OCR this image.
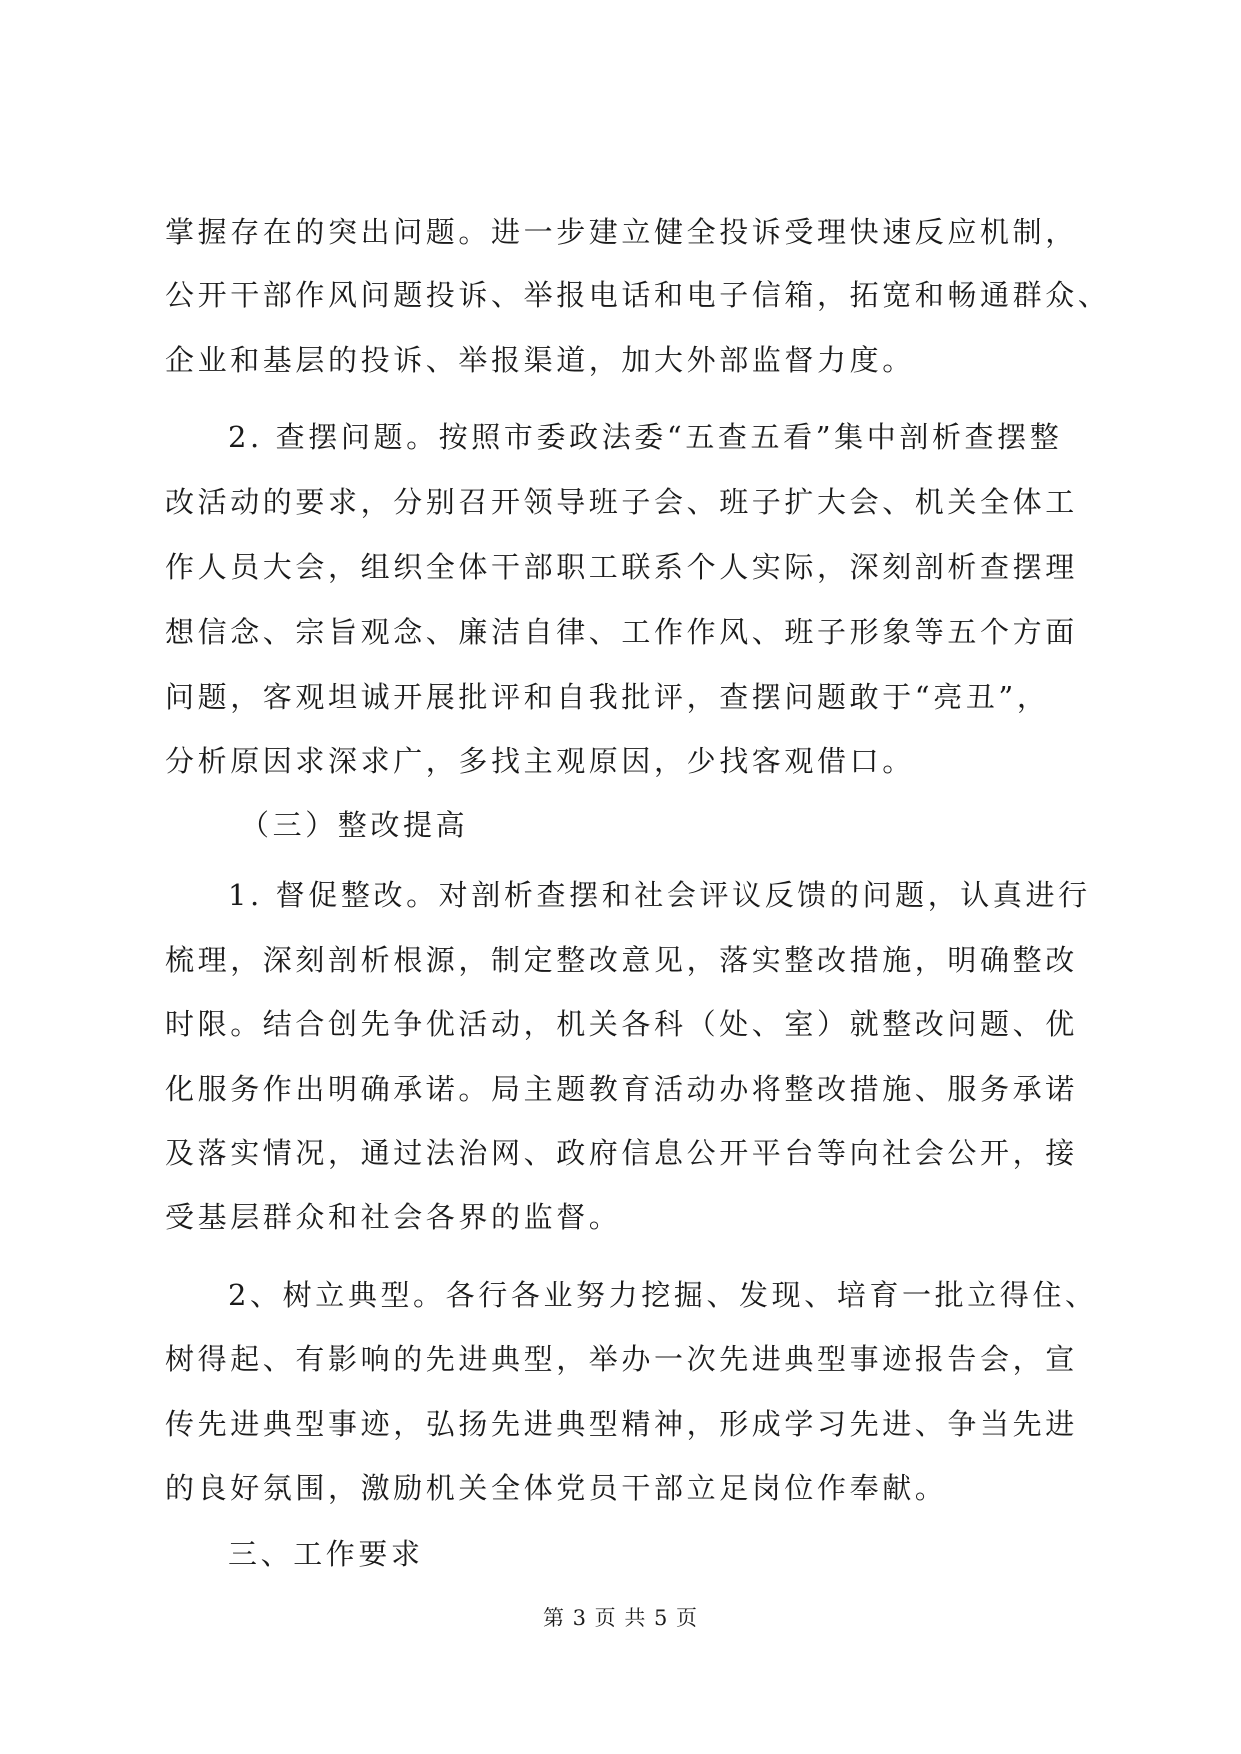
掌握存在的突出问题。进一步建立健全投诉受理快速反应机制，
公开干部作风问题投诉、举报电话和电子信箱，拓宽和畅通群众、
企业和基层的投诉、举报渠道，加大外部监督力度。
2. 查摆问题。按照市委政法委“五查五看”集中剖析查摆整
改活动的要求，分别召开领导班子会、班子扩大会、机关全体工
作人员大会，组织全体干部职工联系个人实际，深刻剖析查摆理
想信念、宗旨观念、廉洁自律、工作作风、班子形象等五个方面
问题，客观坦诚开展批评和自我批评，查摆问题敢于“亮丑”，
分析原因求深求广，多找主观原因，少找客观借口。
（三）整改提高
1. 督促整改。对剖析查摆和社会评议反馈的问题，认真进行
梳理，深刻剖析根源，制定整改意见，落实整改措施，明确整改
时限。结合创先争优活动，机关各科（处、室）就整改问题、优
化服务作出明确承诺。局主题教育活动办将整改措施、服务承诺
及落实情况，通过法治网、政府信息公开平台等向社会公开，接
受基层群众和社会各界的监督。
2、树立典型。各行各业努力挖掘、发现、培育一批立得住、
树得起、有影响的先进典型，举办一次先进典型事迹报告会，宣
传先进典型事迹，弘扬先进典型精神，形成学习先进、争当先进
的良好氛围，激励机关全体党员干部立足岗位作奉献。
三、工作要求
第 3 页 共 5 页
